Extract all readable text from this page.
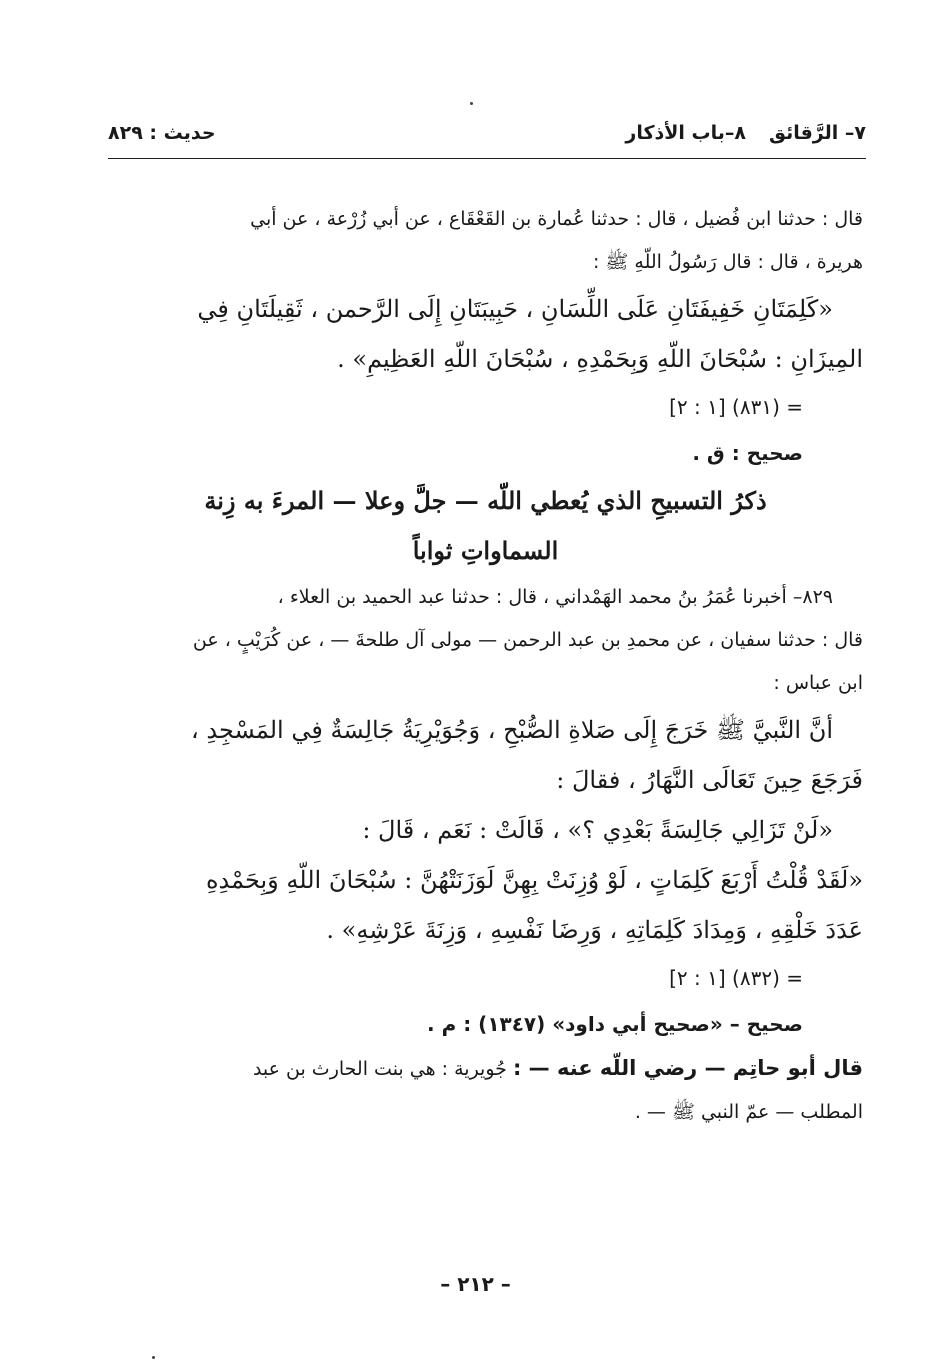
٧– الرَّقائق
٨–باب الأذكار
حديث : ٨٢٩

قال : حدثنا ابن فُضيل ، قال : حدثنا عُمارة بن القَعْقَاع ، عن أبي زُرْعة ، عن أبي

هريرة ، قال : قال رَسُولُ اللّهِ ﷺ :

«كَلِمَتَانِ خَفِيفَتَانِ عَلَى اللِّسَانِ ، حَبِيبَتَانِ إِلَى الرَّحمن ، ثَقِيلَتَانِ فِي

المِيزَانِ : سُبْحَانَ اللّهِ وَبِحَمْدِهِ ، سُبْحَانَ اللّهِ العَظِيمِ» .

= (٨٣١) [١ : ٢]

صحيح : ق .

ذكرُ التسبيحِ الذي يُعطي اللّه — جلَّ وعلا — المرءَ به زِنة
السماواتِ ثواباً

٨٢٩– أخبرنا عُمَرُ بنُ محمد الهَمْداني ، قال : حدثنا عبد الحميد بن العلاء ،

قال : حدثنا سفيان ، عن محمدِ بن عبد الرحمن — مولى آل طلحةَ — ، عن كُرَيْبٍ ، عن

ابن عباس :

أنَّ النَّبيَّ ﷺ خَرَجَ إِلَى صَلاةِ الصُّبْحِ ، وَجُوَيْرِيَةُ جَالِسَةٌ فِي المَسْجِدِ ،

فَرَجَعَ حِينَ تَعَالَى النَّهَارُ ، فقالَ :

«لَنْ تَزَالِي جَالِسَةً بَعْدِي ؟» ، قَالَتْ : نَعَم ، قَالَ :

«لَقَدْ قُلْتُ أَرْبَعَ كَلِمَاتٍ ، لَوْ وُزِنَتْ بِهِنَّ لَوَزَنَتْهُنَّ : سُبْحَانَ اللّهِ وَبِحَمْدِهِ

عَدَدَ خَلْقِهِ ، وَمِدَادَ كَلِمَاتِهِ ، وَرِضَا نَفْسِهِ ، وَزِنَةَ عَرْشِهِ» .

= (٨٣٢) [١ : ٢]

صحيح – «صحيح أبي داود» (١٣٤٧) : م .

قال أبو حاتِم — رضي اللّه عنه — : جُويرية : هي بنت الحارث بن عبد

المطلب — عمّ النبي ﷺ — .

– ٢١٢ –
